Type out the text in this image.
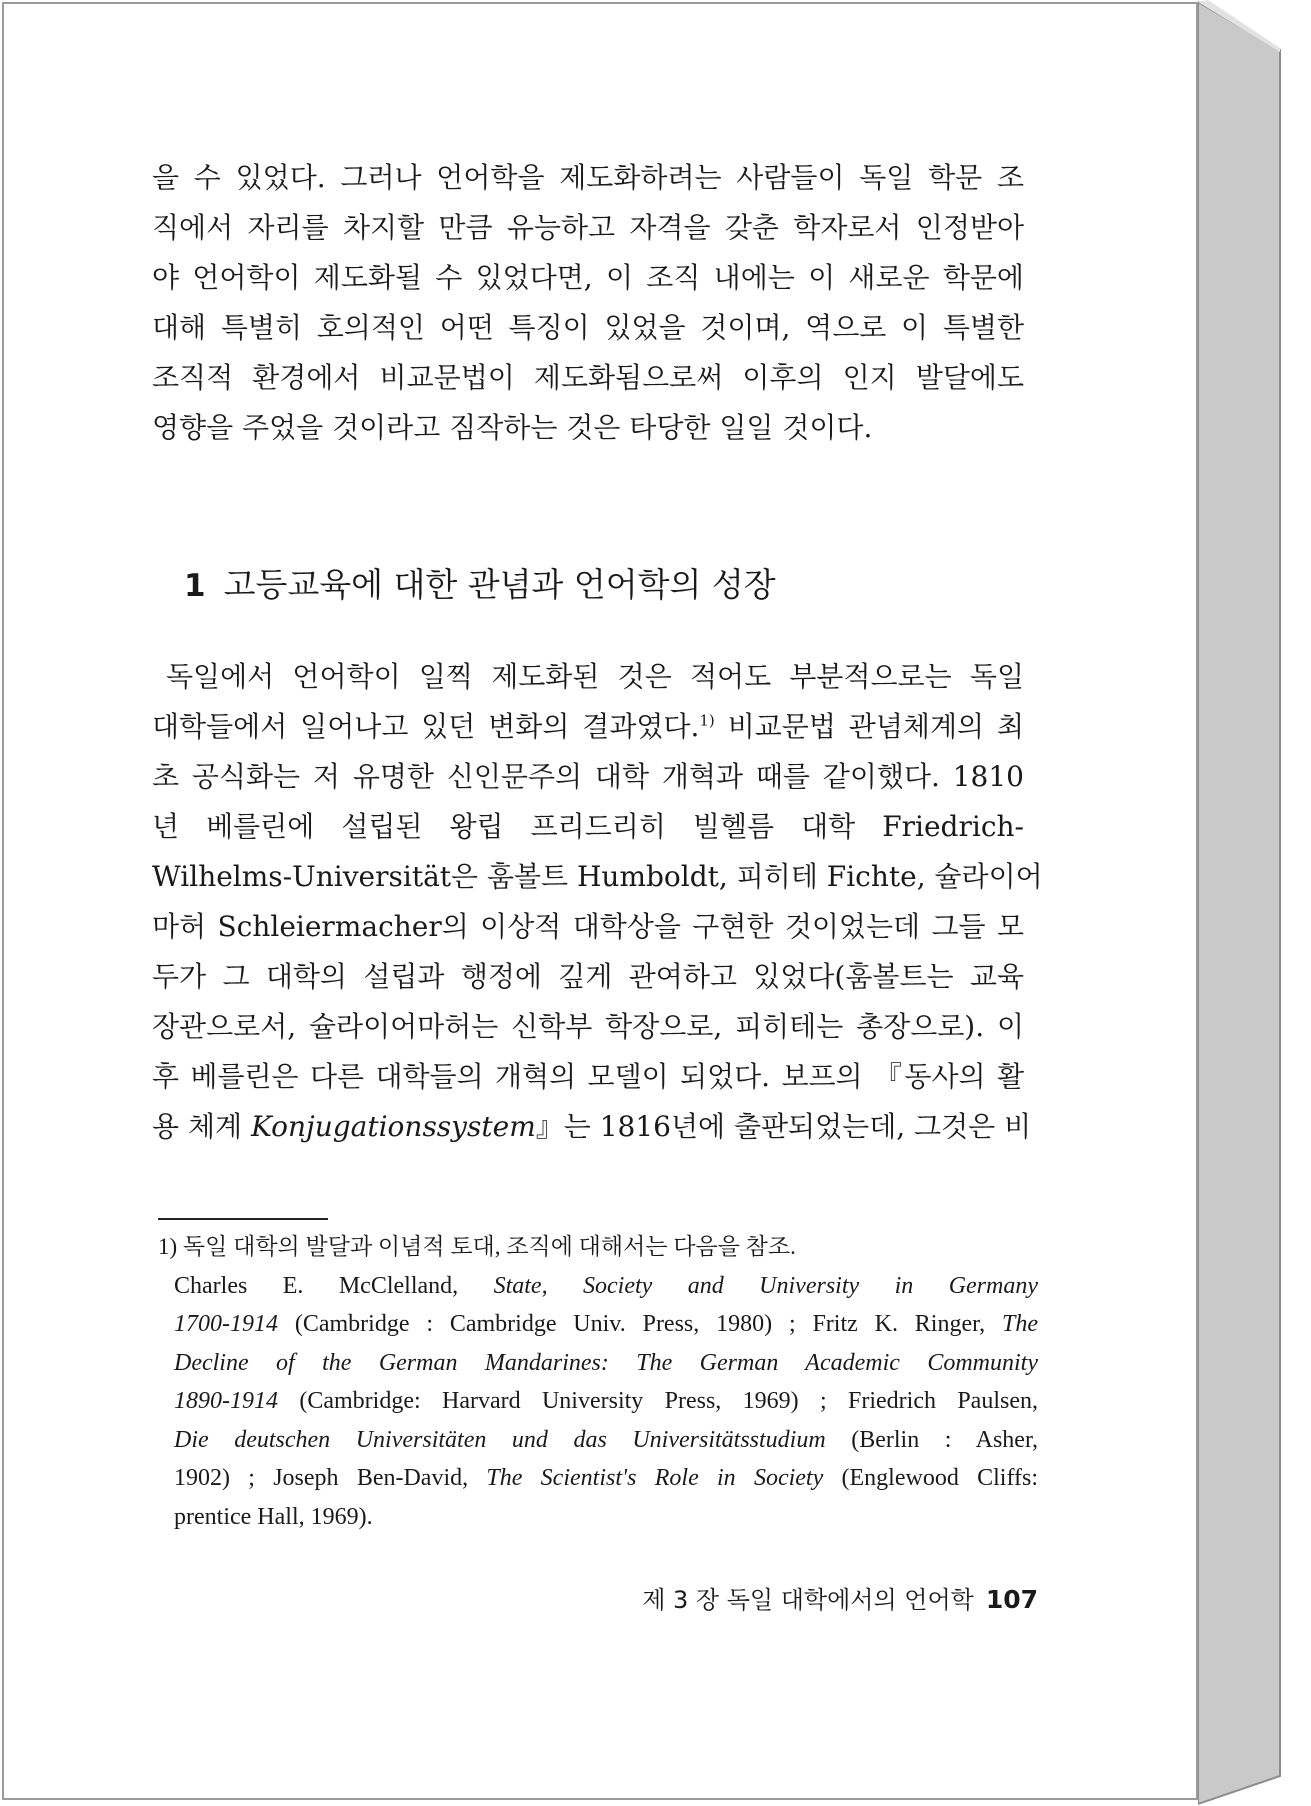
을 수 있었다. 그러나 언어학을 제도화하려는 사람들이 독일 학문 조
직에서 자리를 차지할 만큼 유능하고 자격을 갖춘 학자로서 인정받아
야 언어학이 제도화될 수 있었다면, 이 조직 내에는 이 새로운 학문에
대해 특별히 호의적인 어떤 특징이 있었을 것이며, 역으로 이 특별한
조직적 환경에서 비교문법이 제도화됨으로써 이후의 인지 발달에도
영향을 주었을 것이라고 짐작하는 것은 타당한 일일 것이다.
1 고등교육에 대한 관념과 언어학의 성장
독일에서 언어학이 일찍 제도화된 것은 적어도 부분적으로는 독일
대학들에서 일어나고 있던 변화의 결과였다.$^{1)}$ 비교문법 관념체계의 최
초 공식화는 저 유명한 신인문주의 대학 개혁과 때를 같이했다. 1810
년 베를린에 설립된 왕립 프리드리히 빌헬름 대학 Friedrich-
Wilhelms-Universität은 훔볼트 Humboldt, 피히테 Fichte, 슐라이어
마허 Schleiermacher의 이상적 대학상을 구현한 것이었는데 그들 모
두가 그 대학의 설립과 행정에 깊게 관여하고 있었다(훔볼트는 교육
장관으로서, 슐라이어마허는 신학부 학장으로, 피히테는 총장으로). 이
후 베를린은 다른 대학들의 개혁의 모델이 되었다. 보프의 『동사의 활
용 체계 Konjugationssystem』는 1816년에 출판되었는데, 그것은 비
1) 독일 대학의 발달과 이념적 토대, 조직에 대해서는 다음을 참조.
Charles E. McClelland, State, Society and University in Germany
1700-1914 (Cambridge : Cambridge Univ. Press, 1980) ; Fritz K. Ringer, The
Decline of the German Mandarines: The German Academic Community
1890-1914 (Cambridge: Harvard University Press, 1969) ; Friedrich Paulsen,
Die deutschen Universitäten und das Universitätsstudium (Berlin : Asher,
1902) ; Joseph Ben-David, The Scientist's Role in Society (Englewood Cliffs:
prentice Hall, 1969).
제 3 장 독일 대학에서의 언어학 107
